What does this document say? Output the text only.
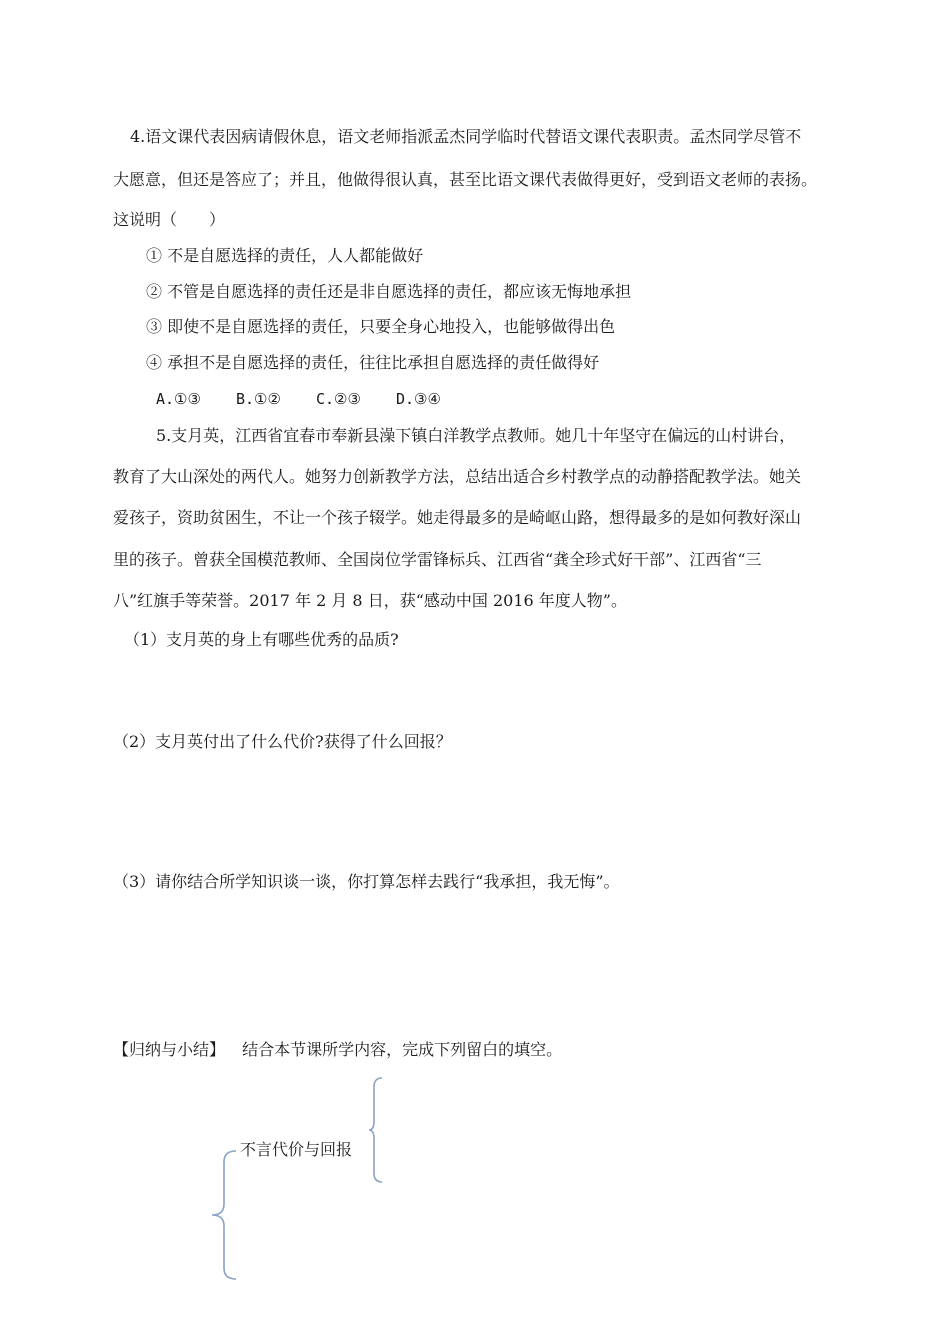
4.语文课代表因病请假休息，语文老师指派孟杰同学临时代替语文课代表职责。孟杰同学尽管不
大愿意，但还是答应了；并且，他做得很认真，甚至比语文课代表做得更好，受到语文老师的表扬。
这说明（　　）
① 不是自愿选择的责任，人人都能做好
② 不管是自愿选择的责任还是非自愿选择的责任，都应该无悔地承担
③ 即使不是自愿选择的责任，只要全身心地投入，也能够做得出色
④ 承担不是自愿选择的责任，往往比承担自愿选择的责任做得好
A.①③ B.①② C.②③ D.③④
5.支月英，江西省宜春市奉新县澡下镇白洋教学点教师。她几十年坚守在偏远的山村讲台，
教育了大山深处的两代人。她努力创新教学方法，总结出适合乡村教学点的动静搭配教学法。她关
爱孩子，资助贫困生，不让一个孩子辍学。她走得最多的是崎岖山路，想得最多的是如何教好深山
里的孩子。曾获全国模范教师、全国岗位学雷锋标兵、江西省“龚全珍式好干部”、江西省“三
八”红旗手等荣誉。2017 年 2 月 8 日，获“感动中国 2016 年度人物”。
（1）支月英的身上有哪些优秀的品质?
（2）支月英付出了什么代价?获得了什么回报？
（3）请你结合所学知识谈一谈，你打算怎样去践行“我承担，我无悔”。
【归纳与小结】 结合本节课所学内容，完成下列留白的填空。
不言代价与回报
